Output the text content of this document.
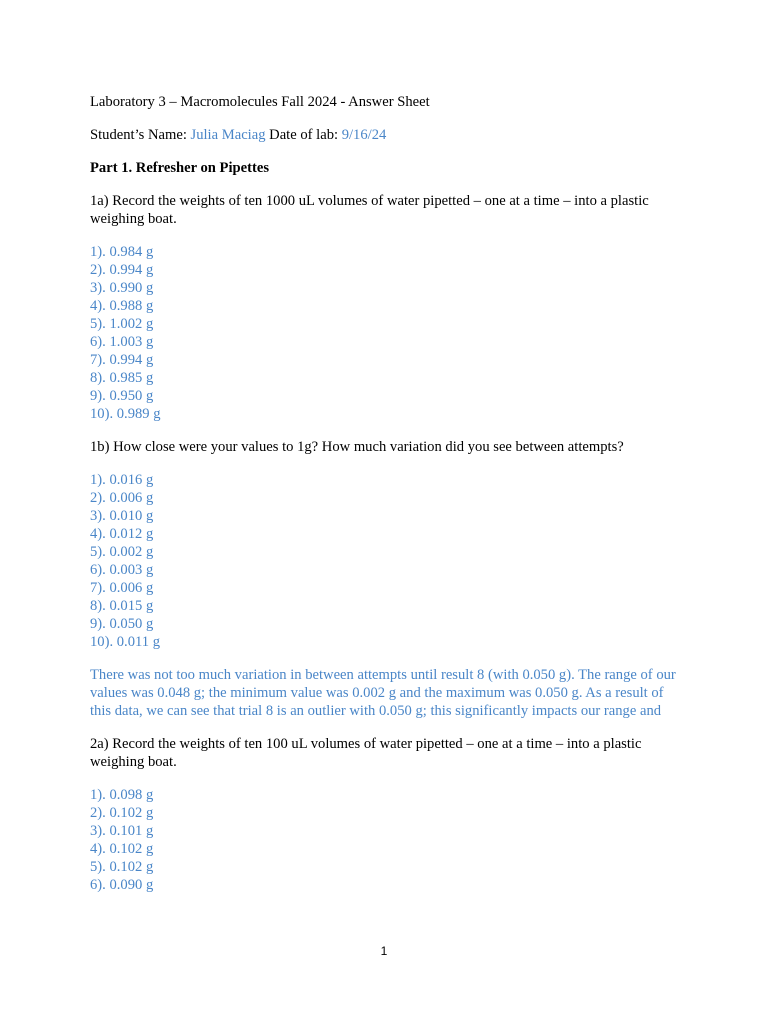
Laboratory 3 – Macromolecules Fall 2024 - Answer Sheet

Student’s Name: Julia Maciag Date of lab: 9/16/24

Part 1. Refresher on Pipettes

1a) Record the weights of ten 1000 uL volumes of water pipetted – one at a time – into a plastic weighing boat.

1). 0.984 g
2). 0.994 g
3). 0.990 g
4). 0.988 g
5). 1.002 g
6). 1.003 g
7). 0.994 g
8). 0.985 g
9). 0.950 g
10). 0.989 g

1b) How close were your values to 1g? How much variation did you see between attempts?

1). 0.016 g
2). 0.006 g
3). 0.010 g
4). 0.012 g
5). 0.002 g
6). 0.003 g
7). 0.006 g
8). 0.015 g
9). 0.050 g
10). 0.011 g

There was not too much variation in between attempts until result 8 (with 0.050 g). The range of our values was 0.048 g; the minimum value was 0.002 g and the maximum was 0.050 g. As a result of this data, we can see that trial 8 is an outlier with 0.050 g; this significantly impacts our range and

2a) Record the weights of ten 100 uL volumes of water pipetted – one at a time – into a plastic weighing boat.

1). 0.098 g
2). 0.102 g
3). 0.101 g
4). 0.102 g
5). 0.102 g
6). 0.090 g
1
